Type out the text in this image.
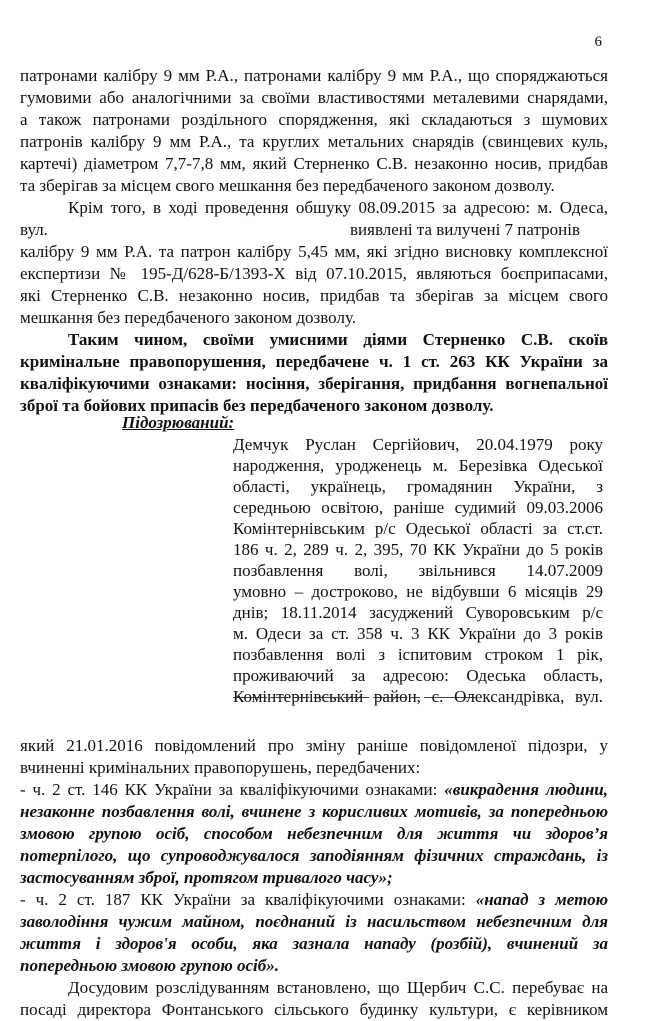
6
патронами калібру 9 мм Р.А., патронами калібру 9 мм Р.А., що споряджаються
гумовими або аналогічними за своїми властивостями металевими снарядами,
а також патронами роздільного спорядження, які складаються з шумових
патронів калібру 9 мм Р.А., та круглих метальних снарядів (свинцевих куль,
картечі) діаметром 7,7-7,8 мм, який Стерненко С.В. незаконно носив, придбав
та зберігав за місцем свого мешкання без передбаченого законом дозволу.
Крім того, в ході проведення обшуку 08.09.2015 за адресою: м. Одеса,
вул.	виявлені та вилучені 7 патронів
калібру 9 мм Р.А. та патрон калібру 5,45 мм, які згідно висновку комплексної
експертизи № 195-Д/628-Б/1393-Х від 07.10.2015, являються боєприпасами,
які Стерненко С.В. незаконно носив, придбав та зберігав за місцем свого
мешкання без передбаченого законом дозволу.
Таким чином, своїми умисними діями Стерненко С.В. скоїв
кримінальне правопорушення, передбачене ч. 1 ст. 263 КК України за
кваліфікуючими ознаками: носіння, зберігання, придбання вогнепальної
зброї та бойових припасів без передбаченого законом дозволу.
Підозрюваний:
Демчук Руслан Сергійович, 20.04.1979 року
народження, уродженець м. Березівка Одеської
області, українець, громадянин України, з
середньою освітою, раніше судимий 09.03.2006
Комінтернівським р/с Одеської області за ст.ст.
186 ч. 2, 289 ч. 2, 395, 70 КК України до 5 років
позбавлення волі, звільнився 14.07.2009
умовно – достроково, не відбувши 6 місяців 29
днів; 18.11.2014 засуджений Суворовським р/с
м. Одеси за ст. 358 ч. 3 КК України до 3 років
позбавлення волі з іспитовим строком 1 рік,
проживаючий за адресою: Одеська область,
Комінтернівський район, с. Олександрівка, вул.
який 21.01.2016 повідомлений про зміну раніше повідомленої підозри, у
вчиненні кримінальних правопорушень, передбачених:
- ч. 2 ст. 146 КК України за кваліфікуючими ознаками: «викрадення людини,
незаконне позбавлення волі, вчинене з корисливих мотивів, за попередньою
змовою групою осіб, способом небезпечним для життя чи здоров’я
потерпілого, що супроводжувалося заподіянням фізичних страждань, із
застосуванням зброї, протягом тривалого часу»;
- ч. 2 ст. 187 КК України за кваліфікуючими ознаками: «напад з метою
заволодіння чужим майном, поєднаний із насильством небезпечним для
життя і здоров'я особи, яка зазнала нападу (розбій), вчинений за
попередньою змовою групою осіб».
Досудовим розслідуванням встановлено, що Щербич С.С. перебуває на
посаді директора Фонтанського сільського будинку культури, є керівником
